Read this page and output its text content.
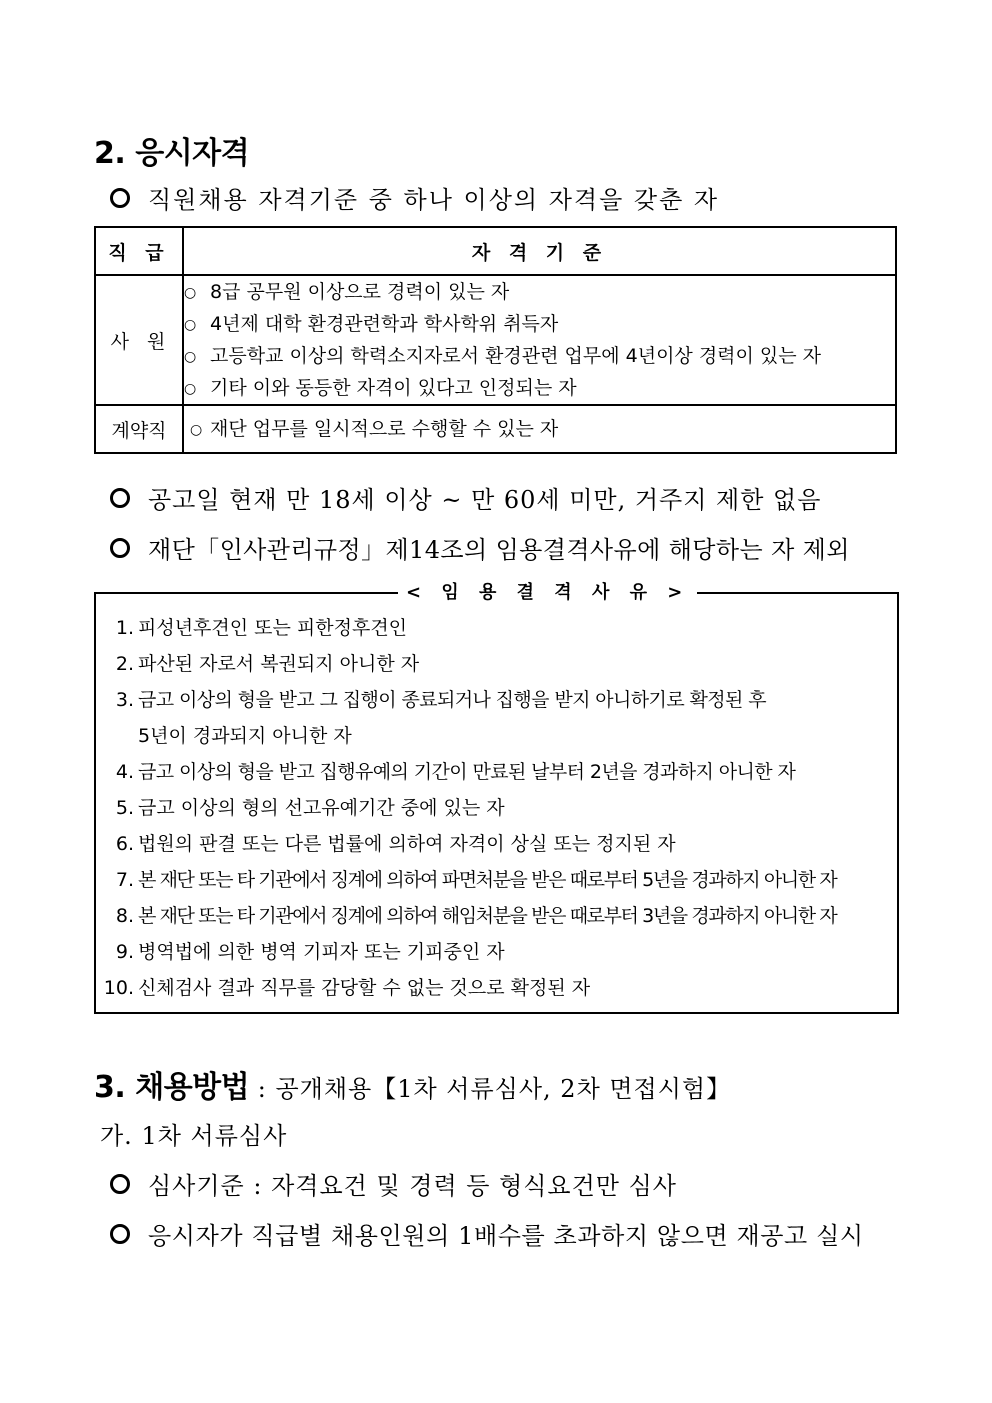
2. 응시자격
직원채용 자격기준 중 하나 이상의 자격을 갖춘 자
직 급	자 격 기 준
사  원	○ 8급 공무원 이상으로 경력이 있는 자
○ 4년제 대학 환경관련학과 학사학위 취득자
○ 고등학교 이상의 학력소지자로서 환경관련 업무에 4년이상 경력이 있는 자
○ 기타 이와 동등한 자격이 있다고 인정되는 자

계약직	○ 재단 업무를 일시적으로 수행할 수 있는 자
공고일 현재 만 18세 이상 ~ 만 60세 미만, 거주지 제한 없음
재단「인사관리규정」제14조의 임용결격사유에 해당하는 자 제외
< 임 용 결 격 사 유 >
1. 피성년후견인 또는 피한정후견인
2. 파산된 자로서 복권되지 아니한 자
3. 금고 이상의 형을 받고 그 집행이 종료되거나 집행을 받지 아니하기로 확정된 후
5년이 경과되지 아니한 자
4. 금고 이상의 형을 받고 집행유예의 기간이 만료된 날부터 2년을 경과하지 아니한 자
5. 금고 이상의 형의 선고유예기간 중에 있는 자
6. 법원의 판결 또는 다른 법률에 의하여 자격이 상실 또는 정지된 자
7. 본 재단 또는 타 기관에서 징계에 의하여 파면처분을 받은 때로부터 5년을 경과하지 아니한 자
8. 본 재단 또는 타 기관에서 징계에 의하여 해임처분을 받은 때로부터 3년을 경과하지 아니한 자
9. 병역법에 의한 병역 기피자 또는 기피중인 자
10. 신체검사 결과 직무를 감당할 수 없는 것으로 확정된 자
3. 채용방법 : 공개채용【1차 서류심사, 2차 면접시험】
가. 1차 서류심사
심사기준 : 자격요건 및 경력 등 형식요건만 심사
응시자가 직급별 채용인원의 1배수를 초과하지 않으면 재공고 실시
